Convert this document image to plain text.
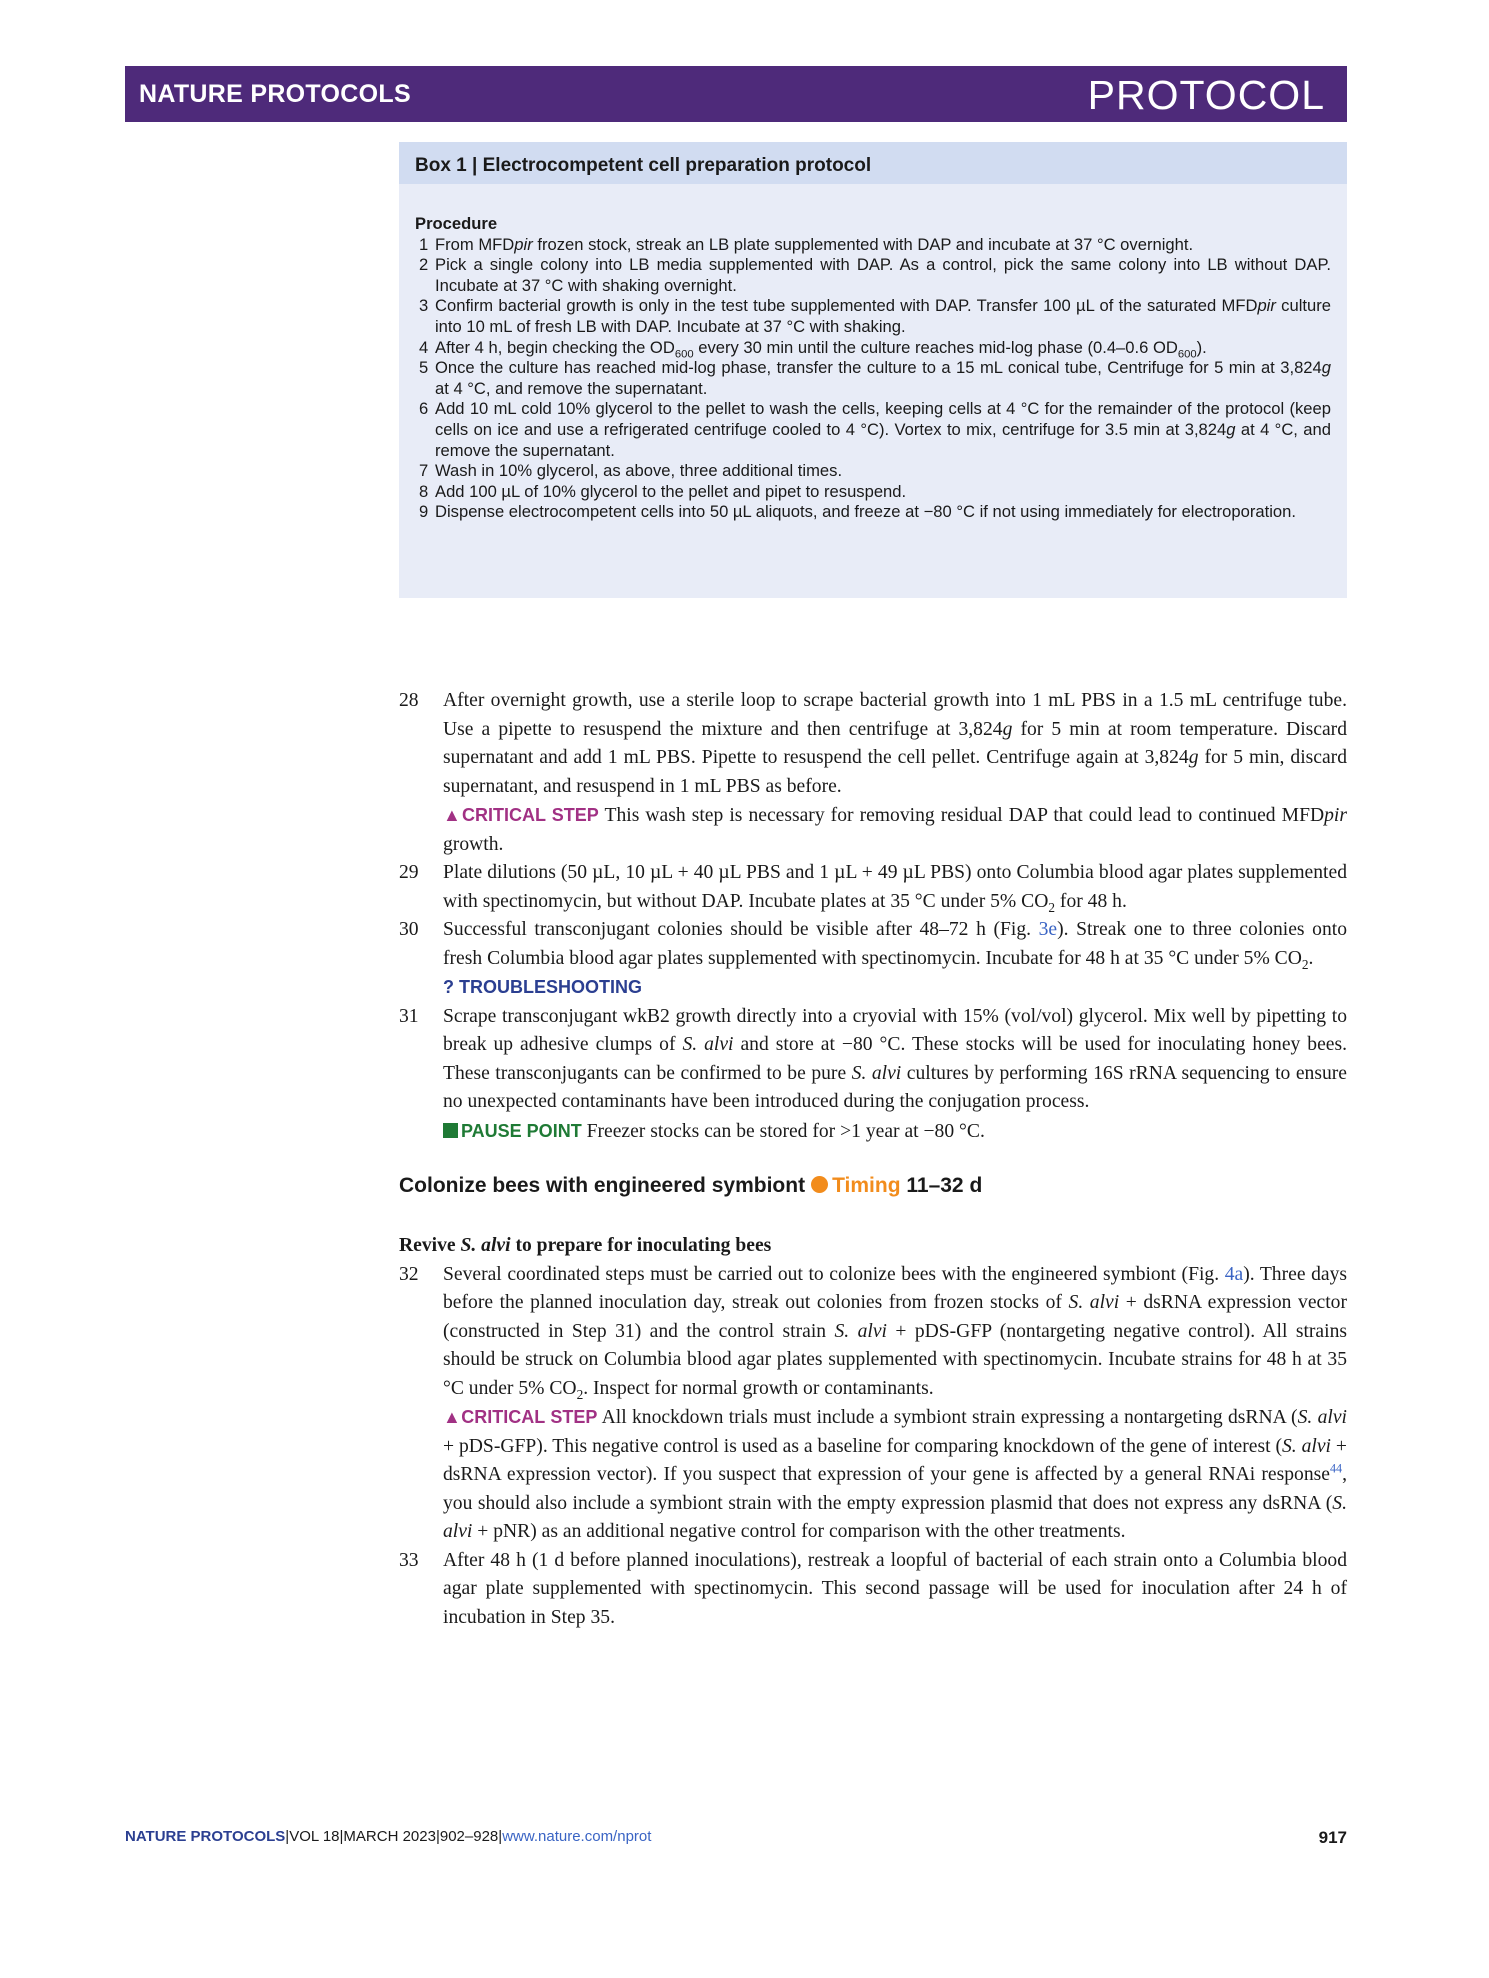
NATURE PROTOCOLS	PROTOCOL
Box 1 | Electrocompetent cell preparation protocol
Procedure
1 From MFDpir frozen stock, streak an LB plate supplemented with DAP and incubate at 37 °C overnight.
2 Pick a single colony into LB media supplemented with DAP. As a control, pick the same colony into LB without DAP. Incubate at 37 °C with shaking overnight.
3 Confirm bacterial growth is only in the test tube supplemented with DAP. Transfer 100 µL of the saturated MFDpir culture into 10 mL of fresh LB with DAP. Incubate at 37 °C with shaking.
4 After 4 h, begin checking the $OD_{600}$ every 30 min until the culture reaches mid-log phase (0.4–0.6 $OD_{600}$).
5 Once the culture has reached mid-log phase, transfer the culture to a 15 mL conical tube, Centrifuge for 5 min at 3,824g at 4 °C, and remove the supernatant.
6 Add 10 mL cold 10% glycerol to the pellet to wash the cells, keeping cells at 4 °C for the remainder of the protocol (keep cells on ice and use a refrigerated centrifuge cooled to 4 °C). Vortex to mix, centrifuge for 3.5 min at 3,824g at 4 °C, and remove the supernatant.
7 Wash in 10% glycerol, as above, three additional times.
8 Add 100 µL of 10% glycerol to the pellet and pipet to resuspend.
9 Dispense electrocompetent cells into 50 µL aliquots, and freeze at −80 °C if not using immediately for electroporation.
28	After overnight growth, use a sterile loop to scrape bacterial growth into 1 mL PBS in a 1.5 mL centrifuge tube. Use a pipette to resuspend the mixture and then centrifuge at 3,824g for 5 min at room temperature. Discard supernatant and add 1 mL PBS. Pipette to resuspend the cell pellet. Centrifuge again at 3,824g for 5 min, discard supernatant, and resuspend in 1 mL PBS as before.
▲CRITICAL STEP This wash step is necessary for removing residual DAP that could lead to continued MFDpir growth.
29	Plate dilutions (50 µL, 10 µL + 40 µL PBS and 1 µL + 49 µL PBS) onto Columbia blood agar plates supplemented with spectinomycin, but without DAP. Incubate plates at 35 °C under 5% $CO_2$ for 48 h.
30	Successful transconjugant colonies should be visible after 48–72 h (Fig. 3e). Streak one to three colonies onto fresh Columbia blood agar plates supplemented with spectinomycin. Incubate for 48 h at 35 °C under 5% $CO_2$.
? TROUBLESHOOTING
31	Scrape transconjugant wkB2 growth directly into a cryovial with 15% (vol/vol) glycerol. Mix well by pipetting to break up adhesive clumps of S. alvi and store at −80 °C. These stocks will be used for inoculating honey bees. These transconjugants can be confirmed to be pure S. alvi cultures by performing 16S rRNA sequencing to ensure no unexpected contaminants have been introduced during the conjugation process.
PAUSE POINT Freezer stocks can be stored for >1 year at −80 °C.
Colonize bees with engineered symbiont Timing 11–32 d
Revive S. alvi to prepare for inoculating bees
32	Several coordinated steps must be carried out to colonize bees with the engineered symbiont (Fig. 4a). Three days before the planned inoculation day, streak out colonies from frozen stocks of S. alvi + dsRNA expression vector (constructed in Step 31) and the control strain S. alvi + pDS-GFP (nontargeting negative control). All strains should be struck on Columbia blood agar plates supplemented with spectinomycin. Incubate strains for 48 h at 35 °C under 5% $CO_2$. Inspect for normal growth or contaminants.
▲CRITICAL STEP All knockdown trials must include a symbiont strain expressing a nontargeting dsRNA (S. alvi + pDS-GFP). This negative control is used as a baseline for comparing knockdown of the gene of interest (S. alvi + dsRNA expression vector). If you suspect that expression of your gene is affected by a general RNAi response$^{44}$, you should also include a symbiont strain with the empty expression plasmid that does not express any dsRNA (S. alvi + pNR) as an additional negative control for comparison with the other treatments.
33	After 48 h (1 d before planned inoculations), restreak a loopful of bacterial of each strain onto a Columbia blood agar plate supplemented with spectinomycin. This second passage will be used for inoculation after 24 h of incubation in Step 35.
NATURE PROTOCOLS|VOL 18|MARCH 2023|902–928|www.nature.com/nprot	917
